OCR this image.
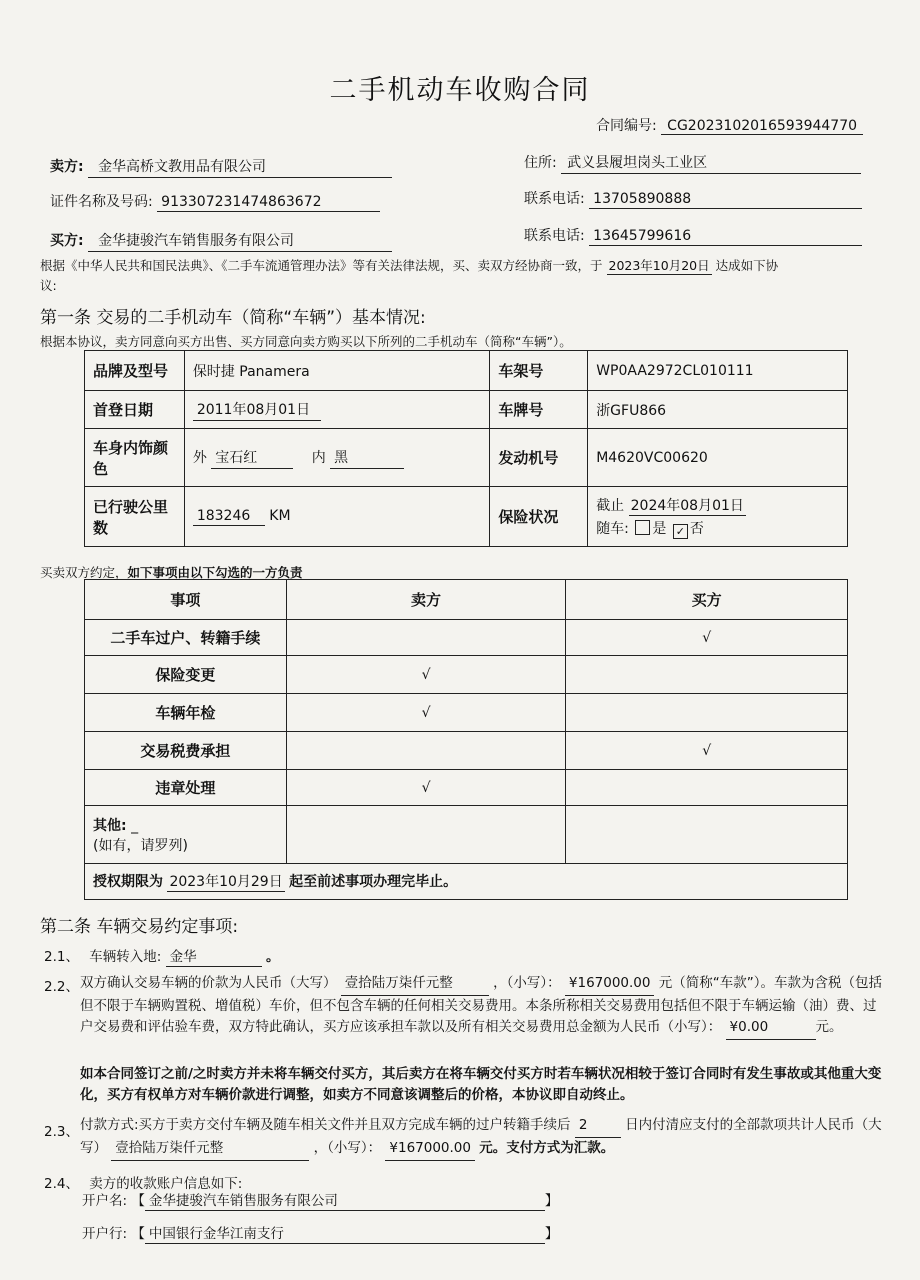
二手机动车收购合同
合同编号: CG2023102016593944770
卖方: 金华高桥文教用品有限公司	住所: 武义县履坦岗头工业区
证件名称及号码: 913307231474863672	联系电话: 13705890888
买方: 金华捷骏汽车销售服务有限公司	联系电话: 13645799616
根据《中华人民共和国民法典》、《二手车流通管理办法》等有关法律法规，买、卖双方经协商一致，于 2023年10月20日 达成如下协
议:
第一条 交易的二手机动车（简称“车辆”）基本情况:
根据本协议，卖方同意向买方出售、买方同意向卖方购买以下所列的二手机动车（简称“车辆”）。
品牌及型号	保时捷 Panamera	车架号	WP0AA2972CL010111
首登日期	2011年08月01日	车牌号	浙GFU866
车身内饰颜色	外 宝石红 内 黑	发动机号	M4620VC00620
已行驶公里数	183246 KM	保险状况	截止 2024年08月01日
随车: 是 ✓ 否
买卖双方约定，如下事项由以下勾选的一方负责
事项	卖方	买方
二手车过户、转籍手续		√
保险变更	√	
车辆年检	√	
交易税费承担		√
违章处理	√	

其他: _
(如有，请罗列)		

授权期限为 2023年10月29日 起至前述事项办理完毕止。		
第二条 车辆交易约定事项:
2.1、 车辆转入地: 金华	。
2.2、 双方确认交易车辆的价款为人民币（大写） 壹拾陆万柒仟元整	，（小写）： ¥167000.00 元（简称“车款”）。车款为含税（包括但不限于车辆购置税、增值税）车价，但不包含车辆的任何相关交易费用。本条所称相关交易费用包括但不限于车辆运输（油）费、过户交易费和评估验车费，双方特此确认，买方应该承担车款以及所有相关交易费用总金额为人民币（小写）： ¥0.00	元。
如本合同签订之前/之时卖方并未将车辆交付买方，其后卖方在将车辆交付买方时若车辆状况相较于签订合同时有发生事故或其他重大变化，买方有权单方对车辆价款进行调整，如卖方不同意该调整后的价格，本协议即自动终止。
2.3、 付款方式:买方于卖方交付车辆及随车相关文件并且双方完成车辆的过户转籍手续后 2	日内付清应支付的全部款项共计人民币（大写） 壹拾陆万柒仟元整	，（小写）： ¥167000.00 元。支付方式为汇款。
2.4、 卖方的收款账户信息如下:
开户名: 【 金华捷骏汽车销售服务有限公司	】
开户行: 【 中国银行金华江南支行	】
